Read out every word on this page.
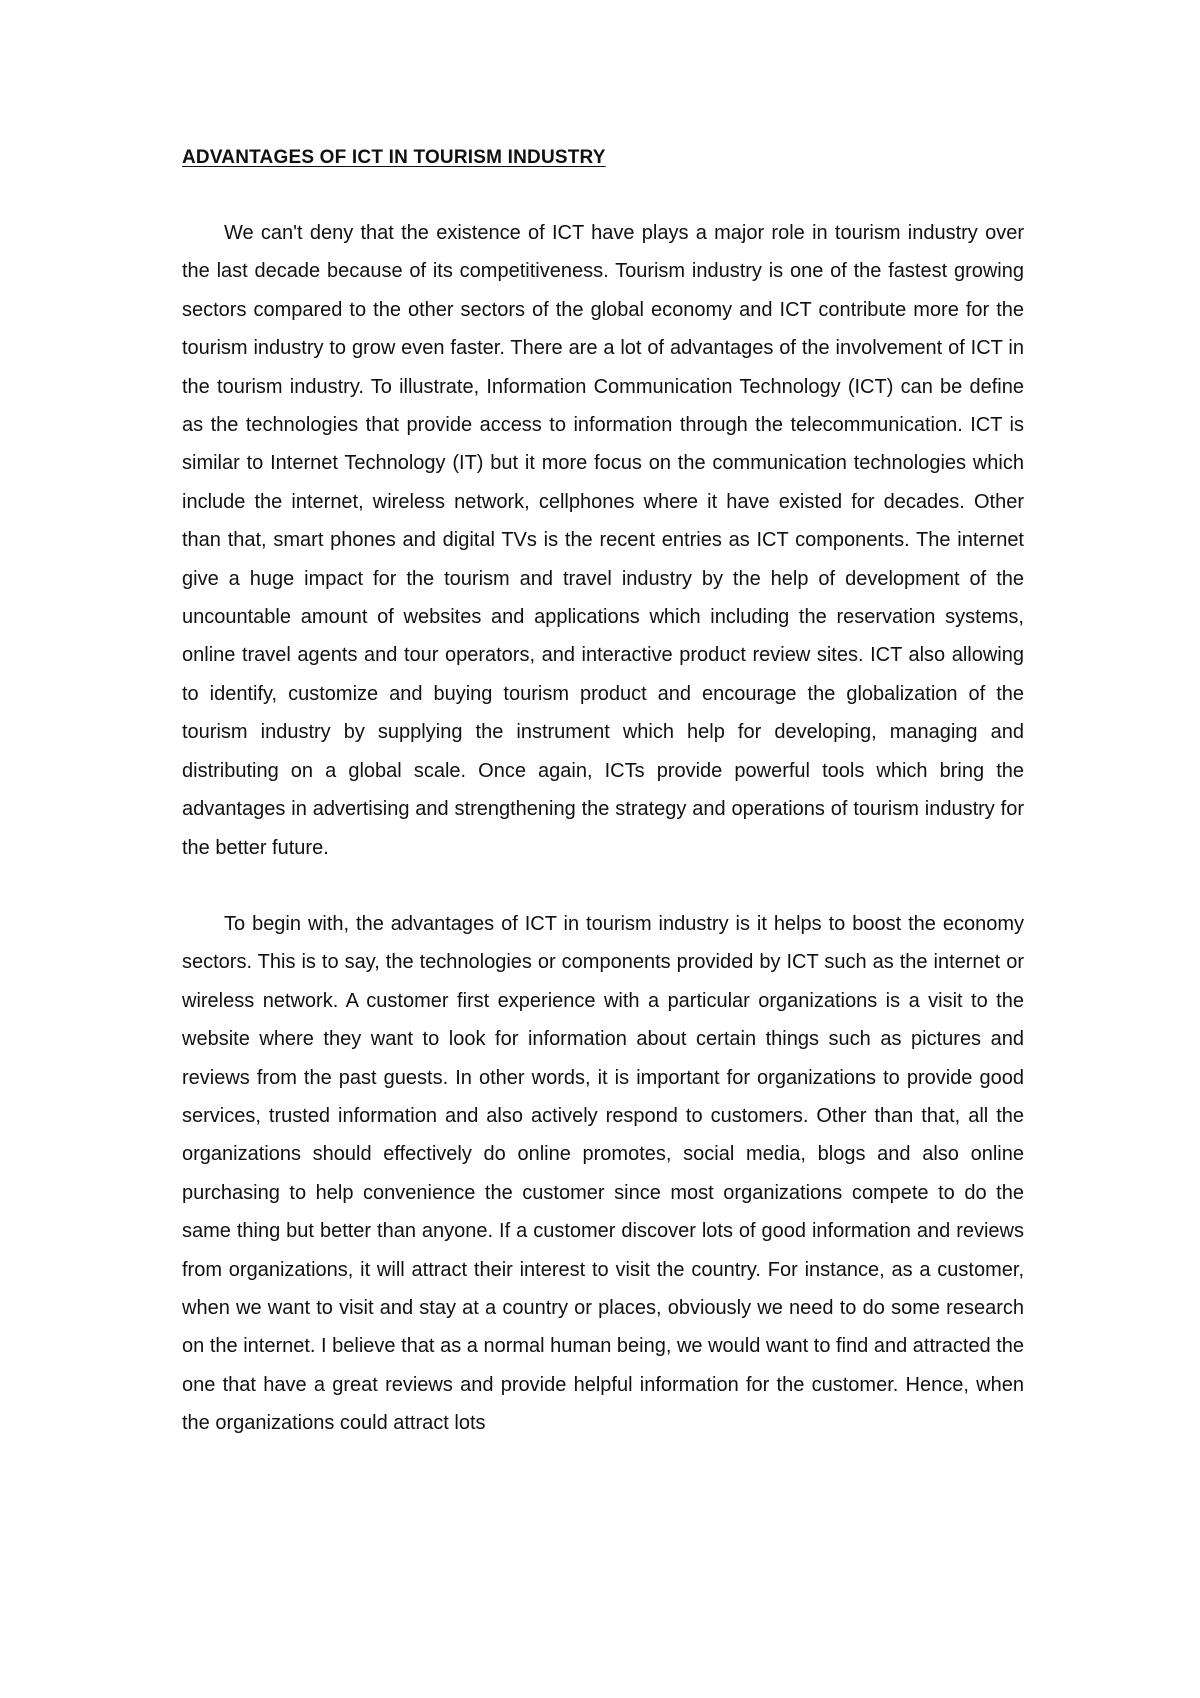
ADVANTAGES OF ICT IN TOURISM INDUSTRY

We can't deny that the existence of ICT have plays a major role in tourism industry over the last decade because of its competitiveness. Tourism industry is one of the fastest growing sectors compared to the other sectors of the global economy and ICT contribute more for the tourism industry to grow even faster. There are a lot of advantages of the involvement of ICT in the tourism industry. To illustrate, Information Communication Technology (ICT) can be define as the technologies that provide access to information through the telecommunication. ICT is similar to Internet Technology (IT) but it more focus on the communication technologies which include the internet, wireless network, cellphones where it have existed for decades. Other than that, smart phones and digital TVs is the recent entries as ICT components. The internet give a huge impact for the tourism and travel industry by the help of development of the uncountable amount of websites and applications which including the reservation systems, online travel agents and tour operators, and interactive product review sites. ICT also allowing to identify, customize and buying tourism product and encourage the globalization of the tourism industry by supplying the instrument which help for developing, managing and distributing on a global scale. Once again, ICTs provide powerful tools which bring the advantages in advertising and strengthening the strategy and operations of tourism industry for the better future.

To begin with, the advantages of ICT in tourism industry is it helps to boost the economy sectors. This is to say, the technologies or components provided by ICT such as the internet or wireless network. A customer first experience with a particular organizations is a visit to the website where they want to look for information about certain things such as pictures and reviews from the past guests. In other words, it is important for organizations to provide good services, trusted information and also actively respond to customers. Other than that, all the organizations should effectively do online promotes, social media, blogs and also online purchasing to help convenience the customer since most organizations compete to do the same thing but better than anyone. If a customer discover lots of good information and reviews from organizations, it will attract their interest to visit the country. For instance, as a customer, when we want to visit and stay at a country or places, obviously we need to do some research on the internet. I believe that as a normal human being, we would want to find and attracted the one that have a great reviews and provide helpful information for the customer. Hence, when the organizations could attract lots
